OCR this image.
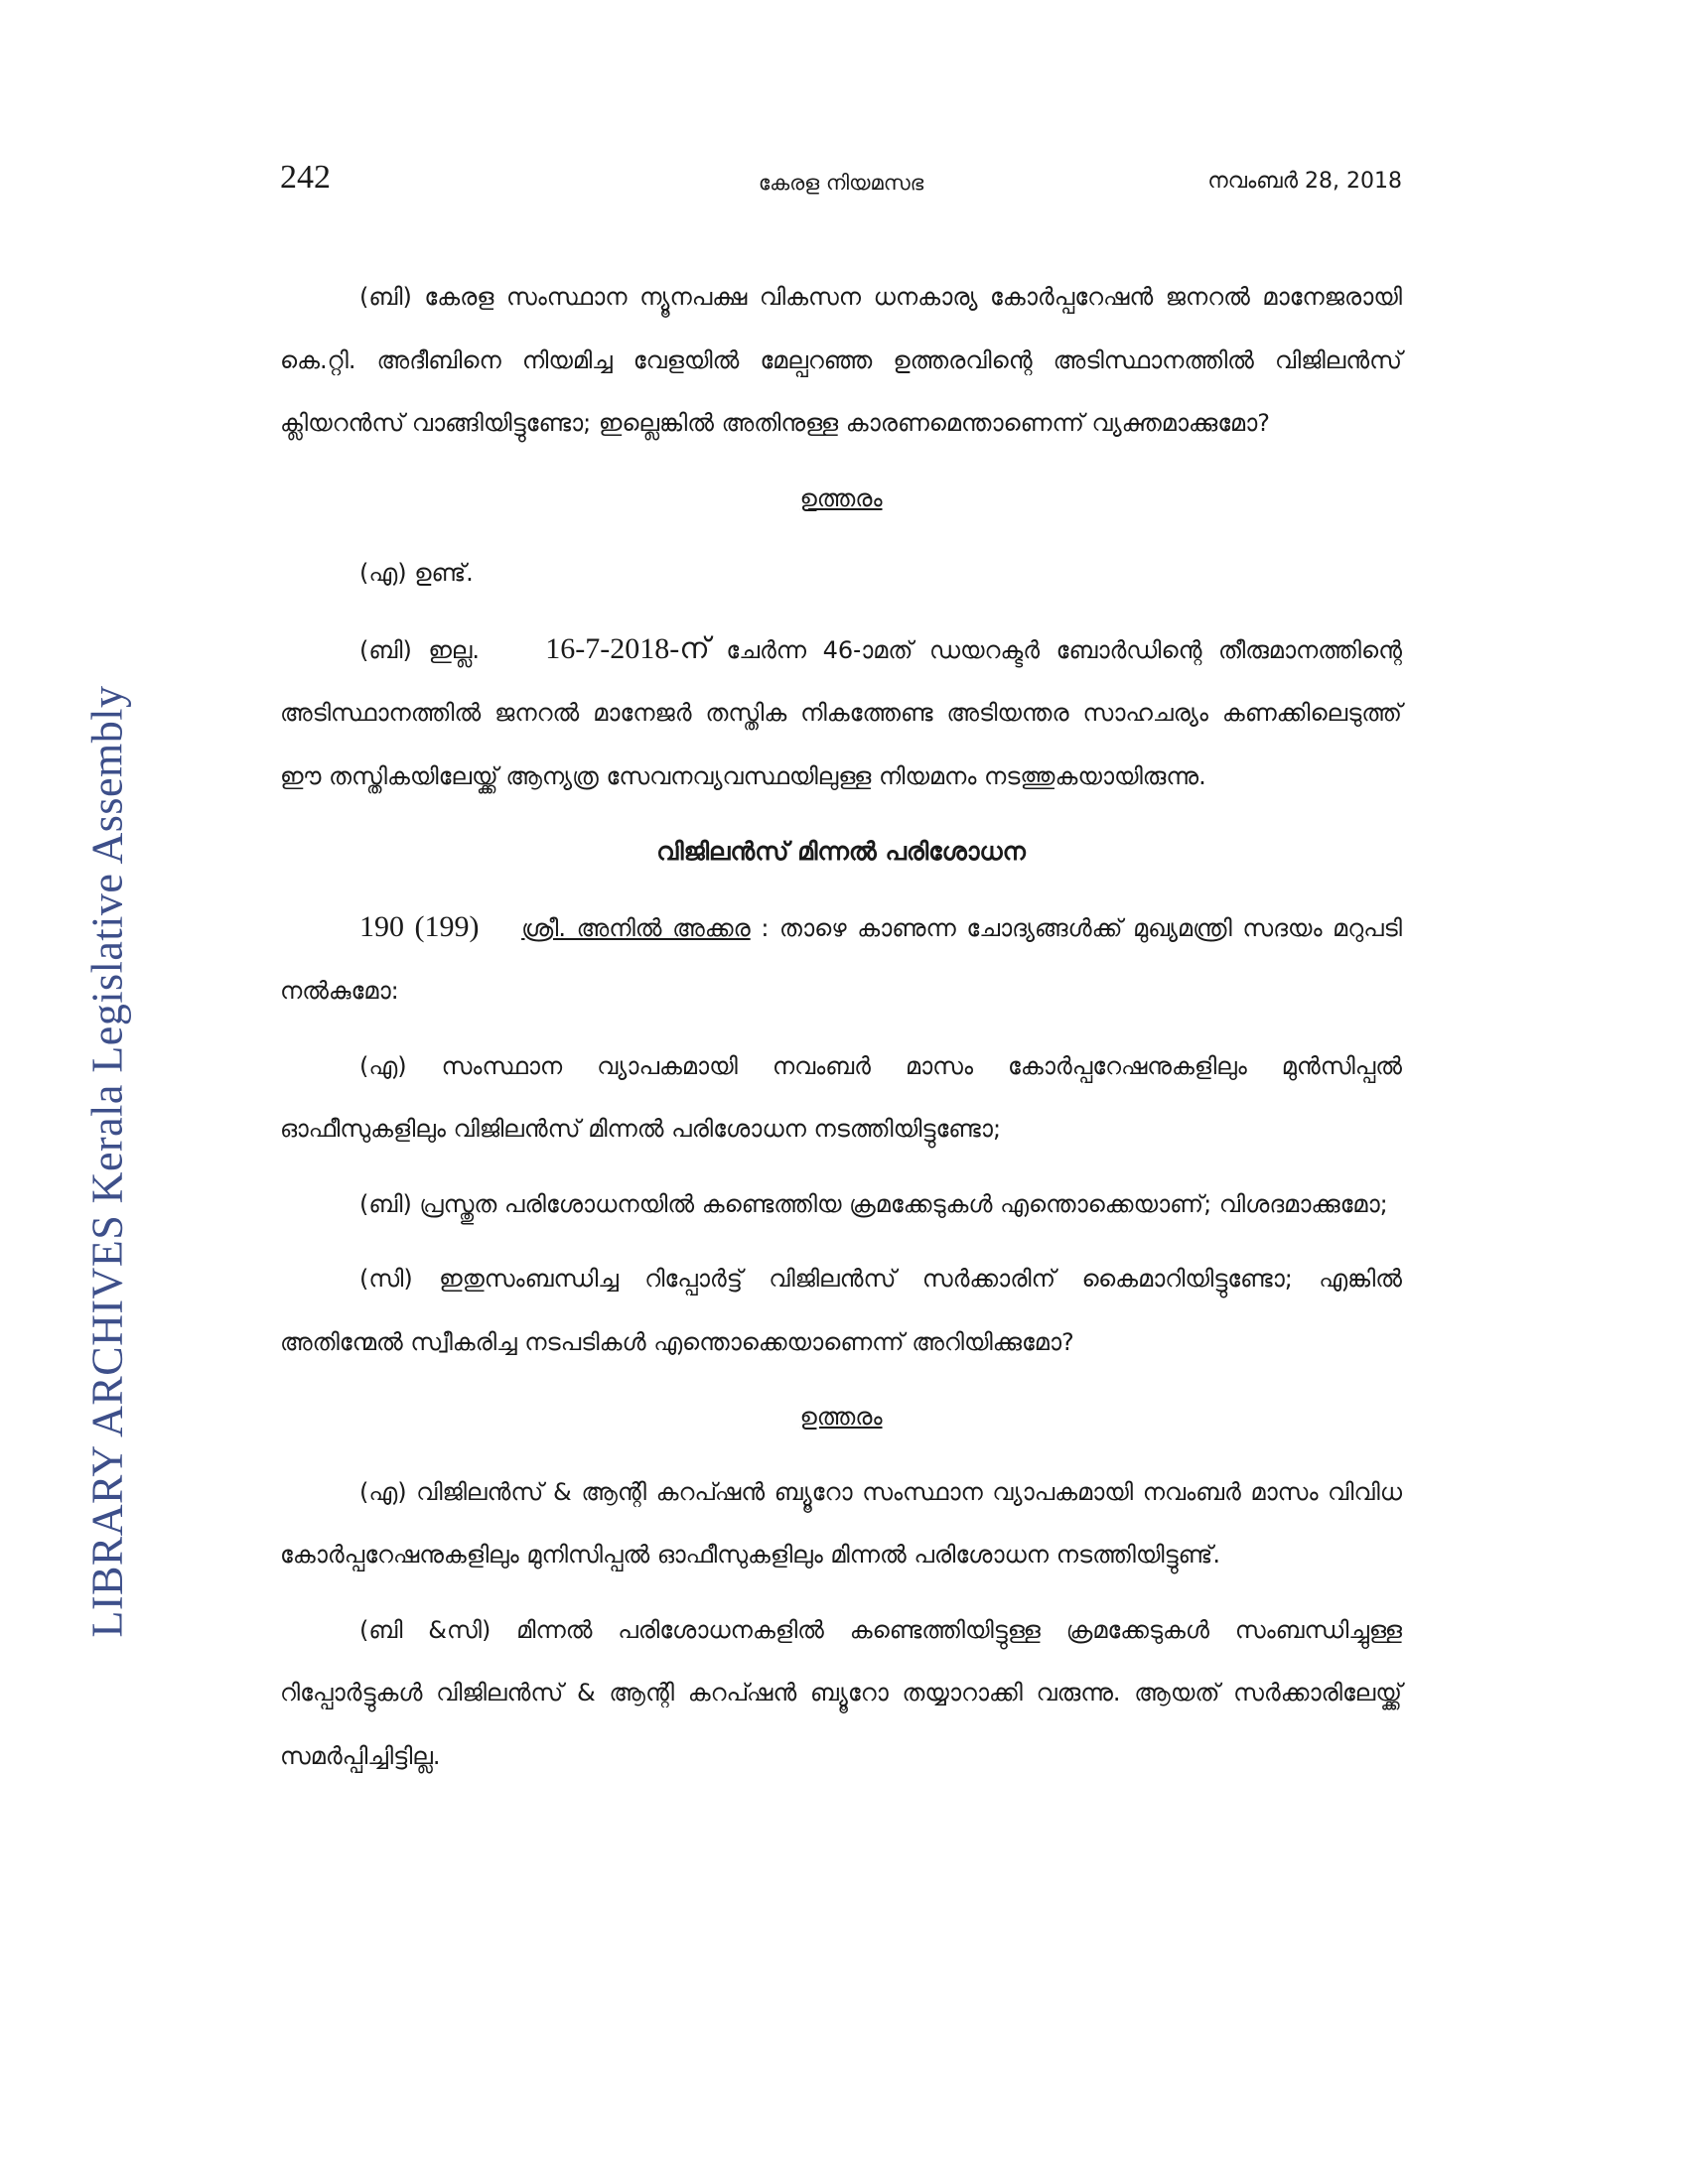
LIBRARY ARCHIVES Kerala Legislative Assembly
242	കേരള നിയമസഭ	നവംബർ 28, 2018

(ബി) കേരള സംസ്ഥാന ന്യൂനപക്ഷ വികസന ധനകാര്യ കോർപ്പറേഷൻ ജനറൽ മാനേജരായി കെ.റ്റി. അദീബിനെ നിയമിച്ച വേളയിൽ മേല്പറഞ്ഞ ഉത്തരവിന്റെ അടിസ്ഥാനത്തിൽ വിജിലൻസ് ക്ലിയറൻസ് വാങ്ങിയിട്ടുണ്ടോ; ഇല്ലെങ്കിൽ അതിനുള്ള കാരണമെന്താണെന്ന് വ്യക്തമാക്കുമോ?

ഉത്തരം

(എ) ഉണ്ട്.

(ബി) ഇല്ല. 16-7-2018-ന് ചേർന്ന 46-ാമത് ഡയറക്ടർ ബോർഡിന്റെ തീരുമാനത്തിന്റെ അടിസ്ഥാനത്തിൽ ജനറൽ മാനേജർ തസ്തിക നികത്തേണ്ട അടിയന്തര സാഹചര്യം കണക്കിലെടുത്ത് ഈ തസ്തികയിലേയ്ക്ക് ആന്യത്ര സേവനവ്യവസ്ഥയിലുള്ള നിയമനം നടത്തുകയായിരുന്നു.

വിജിലൻസ് മിന്നൽ പരിശോധന

190 (199) ശ്രീ. അനിൽ അക്കര : താഴെ കാണുന്ന ചോദ്യങ്ങൾക്ക് മുഖ്യമന്ത്രി സദയം മറുപടി നൽകുമോ:

(എ) സംസ്ഥാന വ്യാപകമായി നവംബർ മാസം കോർപ്പറേഷനുകളിലും മുൻസിപ്പൽ ഓഫീസുകളിലും വിജിലൻസ് മിന്നൽ പരിശോധന നടത്തിയിട്ടുണ്ടോ;

(ബി) പ്രസ്തുത പരിശോധനയിൽ കണ്ടെത്തിയ ക്രമക്കേടുകൾ എന്തൊക്കെയാണ്; വിശദമാക്കുമോ;

(സി) ഇതുസംബന്ധിച്ച റിപ്പോർട്ട് വിജിലൻസ് സർക്കാരിന് കൈമാറിയിട്ടുണ്ടോ; എങ്കിൽ അതിന്മേൽ സ്വീകരിച്ച നടപടികൾ എന്തൊക്കെയാണെന്ന് അറിയിക്കുമോ?

ഉത്തരം

(എ) വിജിലൻസ് & ആന്റി കറപ്ഷൻ ബ്യൂറോ സംസ്ഥാന വ്യാപകമായി നവംബർ മാസം വിവിധ കോർപ്പറേഷനുകളിലും മുനിസിപ്പൽ ഓഫീസുകളിലും മിന്നൽ പരിശോധന നടത്തിയിട്ടുണ്ട്.

(ബി &സി) മിന്നൽ പരിശോധനകളിൽ കണ്ടെത്തിയിട്ടുള്ള ക്രമക്കേടുകൾ സംബന്ധിച്ചുള്ള റിപ്പോർട്ടുകൾ വിജിലൻസ് & ആന്റി കറപ്ഷൻ ബ്യൂറോ തയ്യാറാക്കി വരുന്നു. ആയത് സർക്കാരിലേയ്ക്ക് സമർപ്പിച്ചിട്ടില്ല.
